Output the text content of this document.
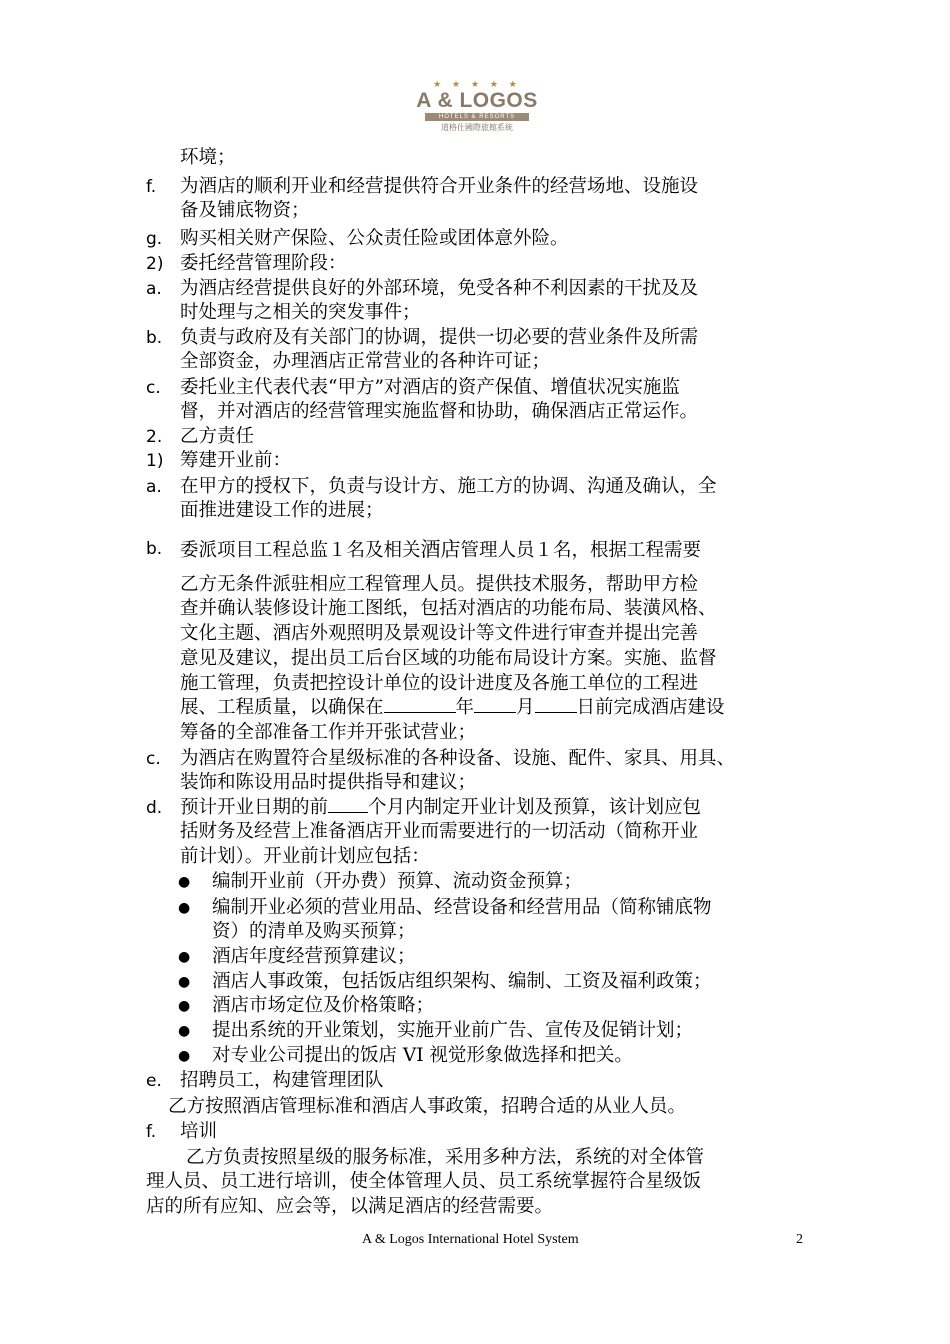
★ ★ ★ ★ ★
A & LOGOS
HOTELS & RESORTS
道格仕國際旅館系統
环境；
f. 为酒店的顺利开业和经营提供符合开业条件的经营场地、设施设
备及铺底物资；
g. 购买相关财产保险、公众责任险或团体意外险。
2) 委托经营管理阶段：
a. 为酒店经营提供良好的外部环境，免受各种不利因素的干扰及及
时处理与之相关的突发事件；
b. 负责与政府及有关部门的协调，提供一切必要的营业条件及所需
全部资金，办理酒店正常营业的各种许可证；
c. 委托业主代表代表“甲方”对酒店的资产保值、增值状况实施监
督，并对酒店的经营管理实施监督和协助，确保酒店正常运作。
2. 乙方责任
1) 筹建开业前：
a. 在甲方的授权下，负责与设计方、施工方的协调、沟通及确认，全
面推进建设工作的进展；
b. 委派项目工程总监１名及相关酒店管理人员１名，根据工程需要
乙方无条件派驻相应工程管理人员。提供技术服务，帮助甲方检
查并确认装修设计施工图纸，包括对酒店的功能布局、装潢风格、
文化主题、酒店外观照明及景观设计等文件进行审查并提出完善
意见及建议，提出员工后台区域的功能布局设计方案。实施、监督
施工管理，负责把控设计单位的设计进度及各施工单位的工程进
展、工程质量，以确保在	年 月 日前完成酒店建设
筹备的全部准备工作并开张试营业；
c. 为酒店在购置符合星级标准的各种设备、设施、配件、家具、用具、
装饰和陈设用品时提供指导和建议；
d. 预计开业日期的前 个月内制定开业计划及预算，该计划应包
括财务及经营上准备酒店开业而需要进行的一切活动（简称开业
前计划）。开业前计划应包括：
● 编制开业前（开办费）预算、流动资金预算；
● 编制开业必须的营业用品、经营设备和经营用品（简称铺底物
资）的清单及购买预算；
● 酒店年度经营预算建议；
● 酒店人事政策，包括饭店组织架构、编制、工资及福利政策；
● 酒店市场定位及价格策略；
● 提出系统的开业策划，实施开业前广告、宣传及促销计划；
● 对专业公司提出的饭店 VI 视觉形象做选择和把关。
e. 招聘员工，构建管理团队
乙方按照酒店管理标准和酒店人事政策，招聘合适的从业人员。
f. 培训
乙方负责按照星级的服务标准，采用多种方法，系统的对全体管
理人员、员工进行培训，使全体管理人员、员工系统掌握符合星级饭
店的所有应知、应会等，以满足酒店的经营需要。
A & Logos International Hotel System	2
